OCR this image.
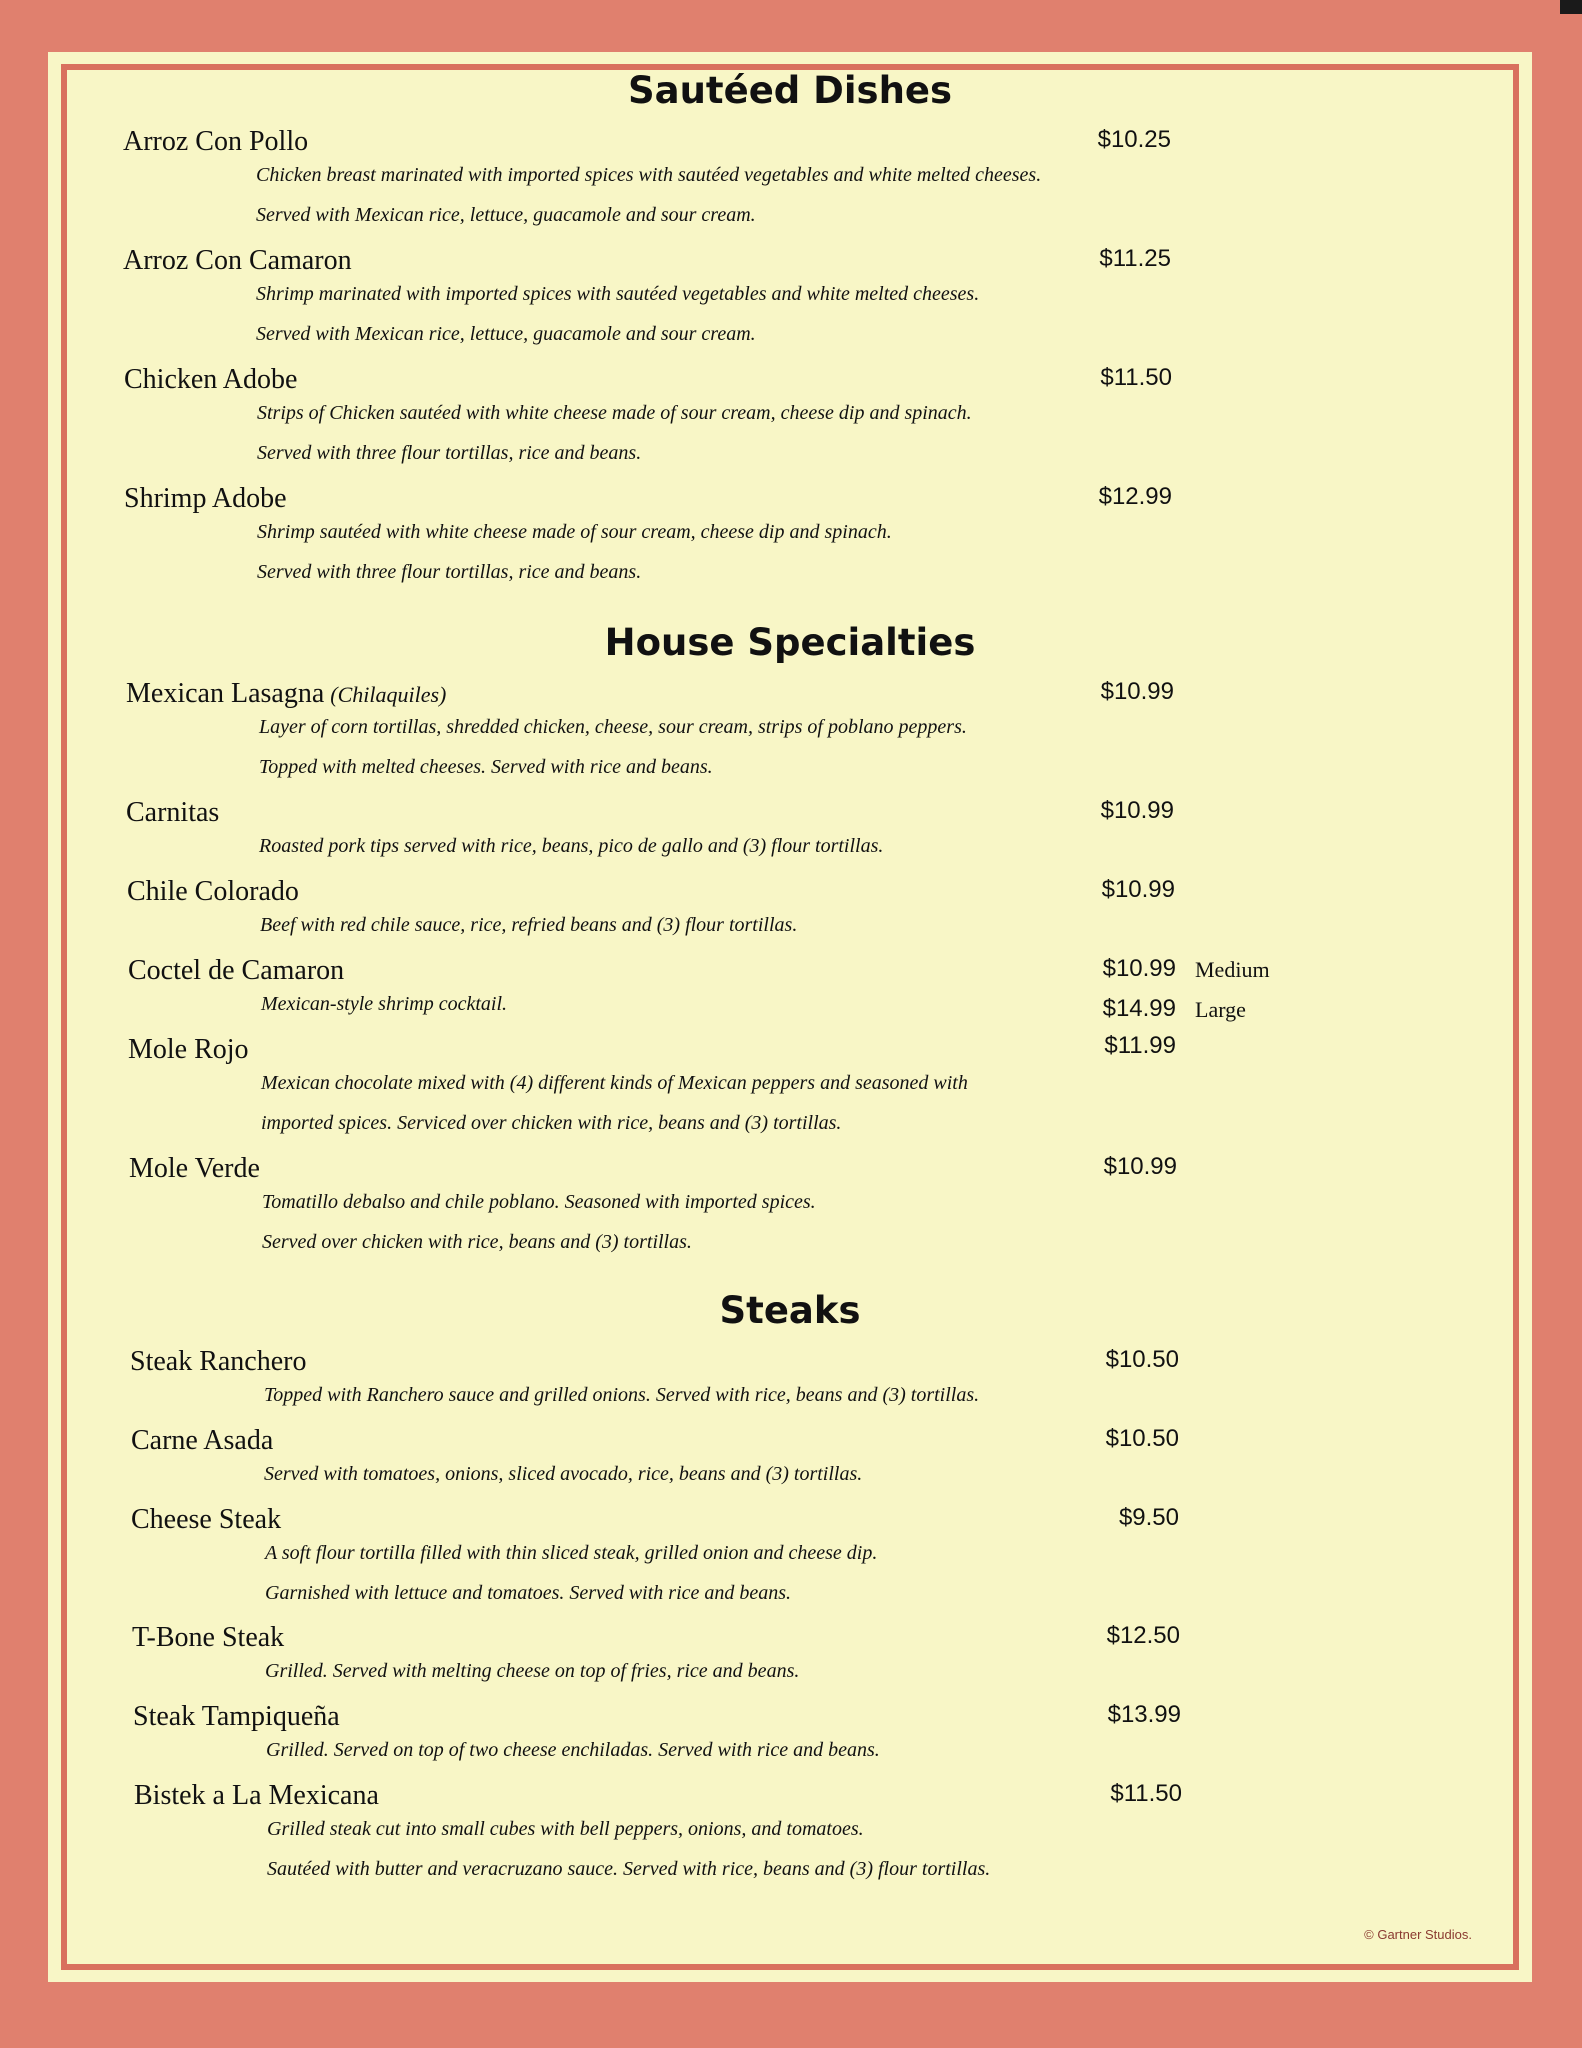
Sautéed Dishes
Arroz Con Pollo	$10.25
Chicken breast marinated with imported spices with sautéed vegetables and white melted cheeses.
Served with Mexican rice, lettuce, guacamole and sour cream.
Arroz Con Camaron	$11.25
Shrimp marinated with imported spices with sautéed vegetables and white melted cheeses.
Served with Mexican rice, lettuce, guacamole and sour cream.
Chicken Adobe	$11.50
Strips of Chicken sautéed with white cheese made of sour cream, cheese dip and spinach.
Served with three flour tortillas, rice and beans.
Shrimp Adobe	$12.99
Shrimp sautéed with white cheese made of sour cream, cheese dip and spinach.
Served with three flour tortillas, rice and beans.
House Specialties
Mexican Lasagna (Chilaquiles)	$10.99
Layer of corn tortillas, shredded chicken, cheese, sour cream, strips of poblano peppers.
Topped with melted cheeses. Served with rice and beans.
Carnitas	$10.99
Roasted pork tips served with rice, beans, pico de gallo and (3) flour tortillas.
Chile Colorado	$10.99
Beef with red chile sauce, rice, refried beans and (3) flour tortillas.
Coctel de Camaron	$10.99 Medium
$14.99 Large
Mexican-style shrimp cocktail.
Mole Rojo	$11.99
Mexican chocolate mixed with (4) different kinds of Mexican peppers and seasoned with
imported spices. Serviced over chicken with rice, beans and (3) tortillas.
Mole Verde	$10.99
Tomatillo debalso and chile poblano. Seasoned with imported spices.
Served over chicken with rice, beans and (3) tortillas.
Steaks
Steak Ranchero	$10.50
Topped with Ranchero sauce and grilled onions. Served with rice, beans and (3) tortillas.
Carne Asada	$10.50
Served with tomatoes, onions, sliced avocado, rice, beans and (3) tortillas.
Cheese Steak	$9.50
A soft flour tortilla filled with thin sliced steak, grilled onion and cheese dip.
Garnished with lettuce and tomatoes. Served with rice and beans.
T-Bone Steak	$12.50
Grilled. Served with melting cheese on top of fries, rice and beans.
Steak Tampiqueña	$13.99
Grilled. Served on top of two cheese enchiladas. Served with rice and beans.
Bistek a La Mexicana	$11.50
Grilled steak cut into small cubes with bell peppers, onions, and tomatoes.
Sautéed with butter and veracruzano sauce. Served with rice, beans and (3) flour tortillas.
© Gartner Studios.
